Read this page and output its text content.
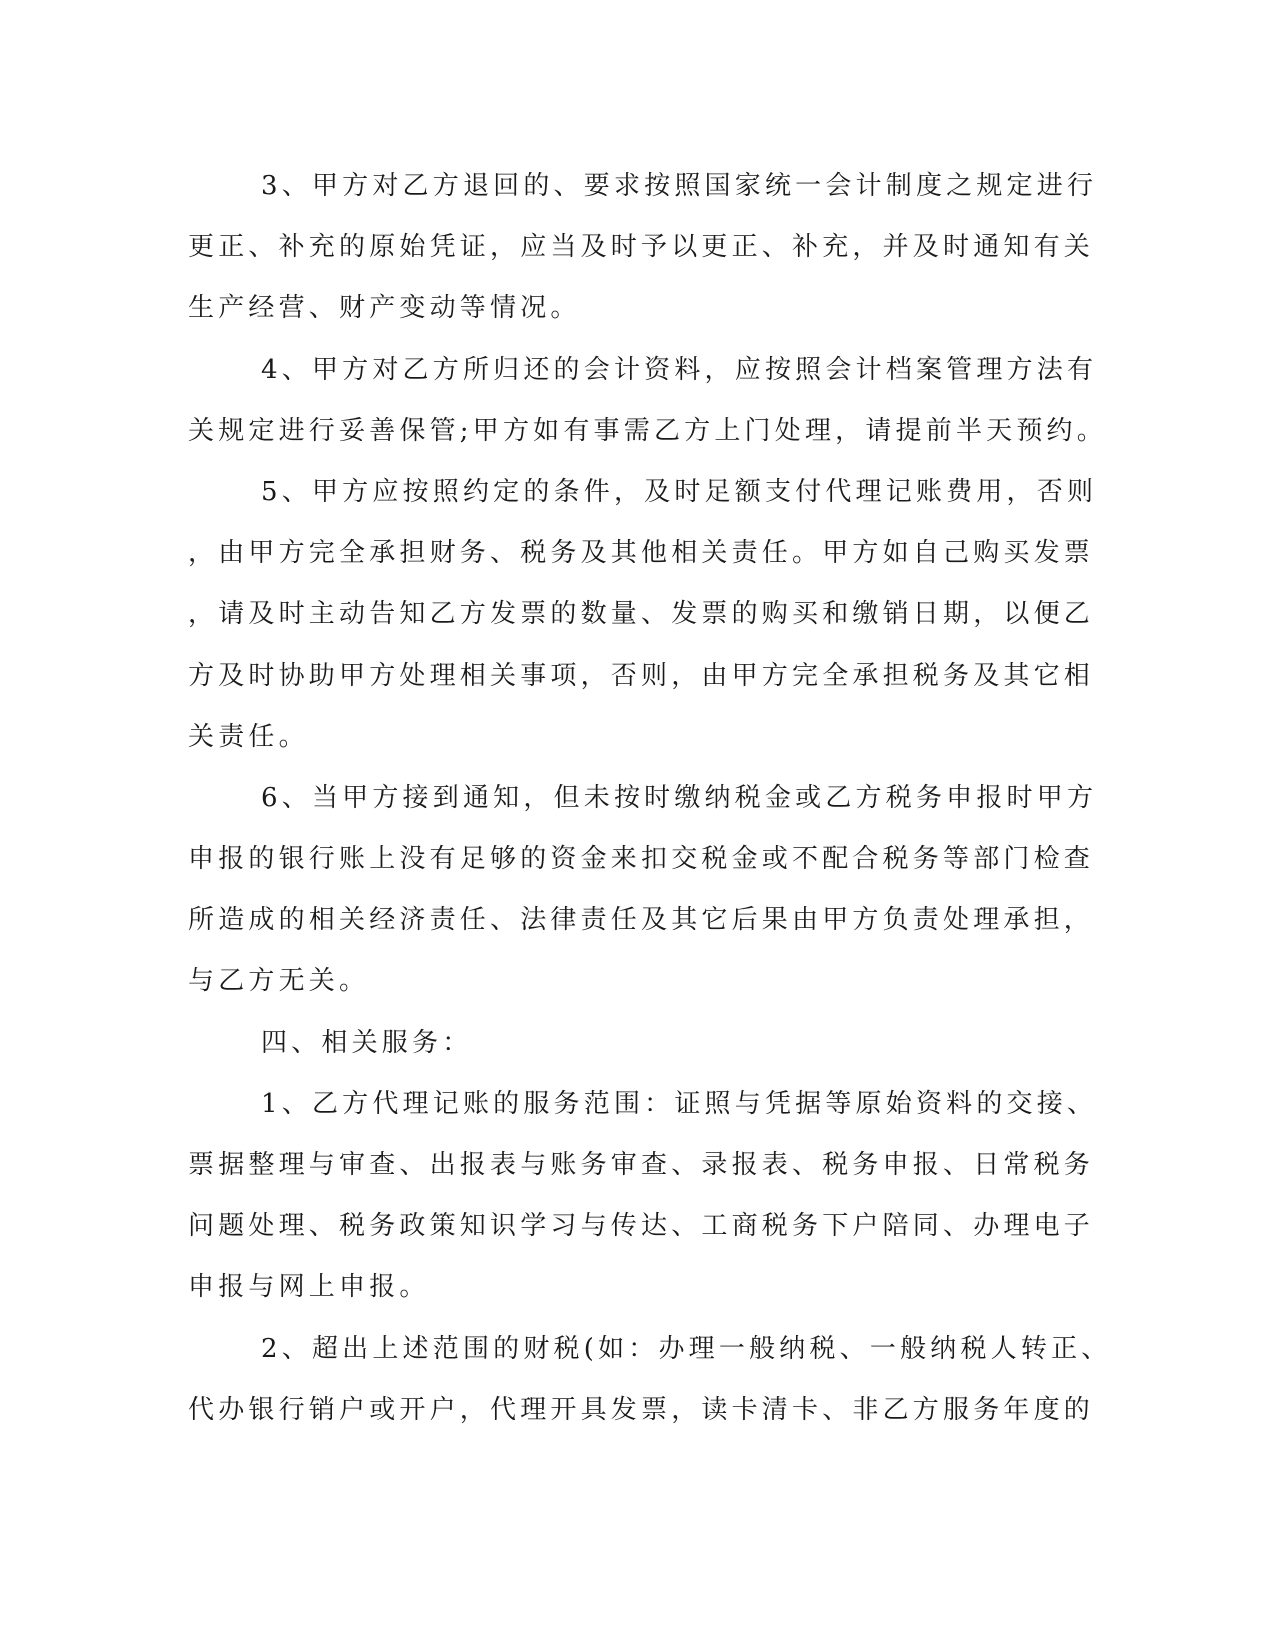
3、甲方对乙方退回的、要求按照国家统一会计制度之规定进行
更正、补充的原始凭证，应当及时予以更正、补充，并及时通知有关
生产经营、财产变动等情况。
4、甲方对乙方所归还的会计资料，应按照会计档案管理方法有
关规定进行妥善保管;甲方如有事需乙方上门处理，请提前半天预约。
5、甲方应按照约定的条件，及时足额支付代理记账费用，否则
，由甲方完全承担财务、税务及其他相关责任。甲方如自己购买发票
，请及时主动告知乙方发票的数量、发票的购买和缴销日期，以便乙
方及时协助甲方处理相关事项，否则，由甲方完全承担税务及其它相
关责任。
6、当甲方接到通知，但未按时缴纳税金或乙方税务申报时甲方
申报的银行账上没有足够的资金来扣交税金或不配合税务等部门检查
所造成的相关经济责任、法律责任及其它后果由甲方负责处理承担，
与乙方无关。
四、相关服务：
1、乙方代理记账的服务范围：证照与凭据等原始资料的交接、
票据整理与审查、出报表与账务审查、录报表、税务申报、日常税务
问题处理、税务政策知识学习与传达、工商税务下户陪同、办理电子
申报与网上申报。
2、超出上述范围的财税(如：办理一般纳税、一般纳税人转正、
代办银行销户或开户，代理开具发票，读卡清卡、非乙方服务年度的
